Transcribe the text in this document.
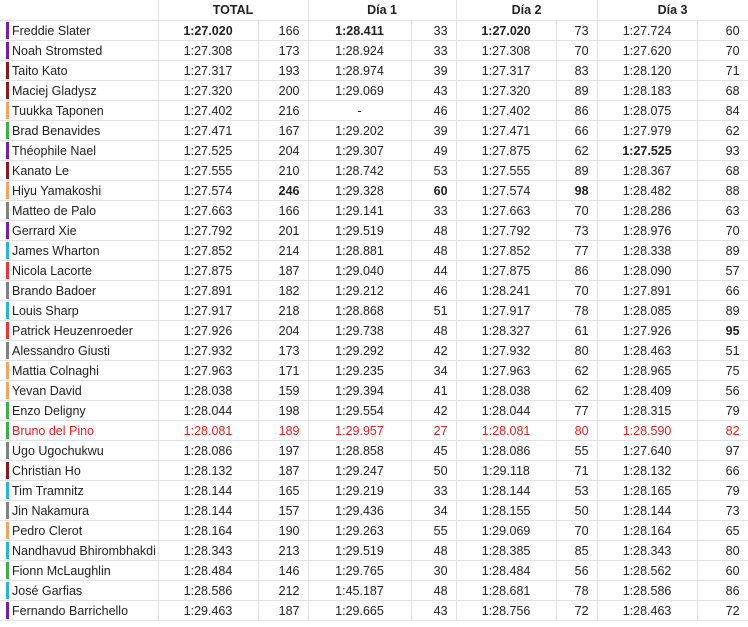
	TOTAL		Día 1		Día 2		Día 3	

Freddie Slater	1:27.020	166	1:28.411	33	1:27.020	73	1:27.724	60

Noah Stromsted	1:27.308	173	1:28.924	33	1:27.308	70	1:27.620	70

Taito Kato	1:27.317	193	1:28.974	39	1:27.317	83	1:28.120	71

Maciej Gladysz	1:27.320	200	1:29.069	43	1:27.320	89	1:28.183	68

Tuukka Taponen	1:27.402	216	-	46	1:27.402	86	1:28.075	84

Brad Benavides	1:27.471	167	1:29.202	39	1:27.471	66	1:27.979	62

Théophile Nael	1:27.525	204	1:29.307	49	1:27.875	62	1:27.525	93

Kanato Le	1:27.555	210	1:28.742	53	1:27.555	89	1:28.367	68

Hiyu Yamakoshi	1:27.574	246	1:29.328	60	1:27.574	98	1:28.482	88

Matteo de Palo	1:27.663	166	1:29.141	33	1:27.663	70	1:28.286	63

Gerrard Xie	1:27.792	201	1:29.519	48	1:27.792	73	1:28.976	70

James Wharton	1:27.852	214	1:28.881	48	1:27.852	77	1:28.338	89

Nicola Lacorte	1:27.875	187	1:29.040	44	1:27.875	86	1:28.090	57

Brando Badoer	1:27.891	182	1:29.212	46	1:28.241	70	1:27.891	66

Louis Sharp	1:27.917	218	1:28.868	51	1:27.917	78	1:28.085	89

Patrick Heuzenroeder	1:27.926	204	1:29.738	48	1:28.327	61	1:27.926	95

Alessandro Giusti	1:27.932	173	1:29.292	42	1:27.932	80	1:28.463	51

Mattia Colnaghi	1:27.963	171	1:29.235	34	1:27.963	62	1:28.965	75

Yevan David	1:28.038	159	1:29.394	41	1:28.038	62	1:28.409	56

Enzo Deligny	1:28.044	198	1:29.554	42	1:28.044	77	1:28.315	79

Bruno del Pino	1:28.081	189	1:29.957	27	1:28.081	80	1:28.590	82

Ugo Ugochukwu	1:28.086	197	1:28.858	45	1:28.086	55	1:27.640	97

Christian Ho	1:28.132	187	1:29.247	50	1:29.118	71	1:28.132	66

Tim Tramnitz	1:28.144	165	1:29.219	33	1:28.144	53	1:28.165	79

Jin Nakamura	1:28.144	157	1:29.436	34	1:28.155	50	1:28.144	73

Pedro Clerot	1:28.164	190	1:29.263	55	1:29.069	70	1:28.164	65

Nandhavud Bhirombhakdi	1:28.343	213	1:29.519	48	1:28.385	85	1:28.343	80

Fionn McLaughlin	1:28.484	146	1:29.765	30	1:28.484	56	1:28.562	60

José Garfias	1:28.586	212	1:45.187	48	1:28.681	78	1:28.586	86

Fernando Barrichello	1:29.463	187	1:29.665	43	1:28.756	72	1:28.463	72
